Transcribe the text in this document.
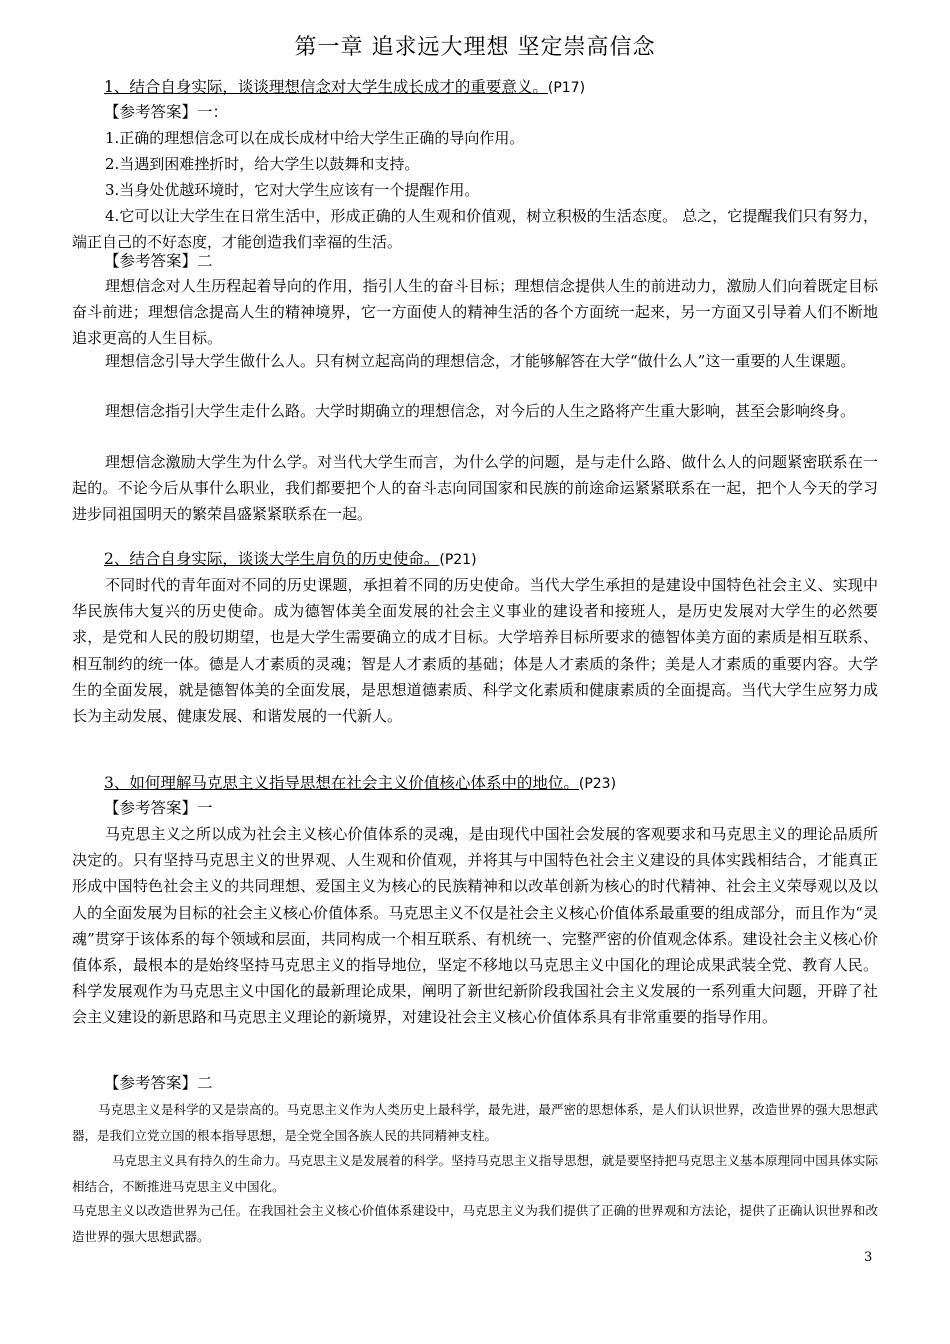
第一章 追求远大理想 坚定崇高信念
1、结合自身实际，谈谈理想信念对大学生成长成才的重要意义。(P17)
【参考答案】一：

1.正确的理想信念可以在成长成材中给大学生正确的导向作用。

2.当遇到困难挫折时，给大学生以鼓舞和支持。

3.当身处优越环境时，它对大学生应该有一个提醒作用。

4.它可以让大学生在日常生活中，形成正确的人生观和价值观，树立积极的生活态度。 总之，它提醒我们只有努力，端正自己的不好态度，才能创造我们幸福的生活。

【参考答案】二

理想信念对人生历程起着导向的作用，指引人生的奋斗目标；理想信念提供人生的前进动力，激励人们向着既定目标奋斗前进；理想信念提高人生的精神境界，它一方面使人的精神生活的各个方面统一起来，另一方面又引导着人们不断地追求更高的人生目标。

理想信念引导大学生做什么人。只有树立起高尚的理想信念，才能够解答在大学“做什么人”这一重要的人生课题。

理想信念指引大学生走什么路。大学时期确立的理想信念，对今后的人生之路将产生重大影响，甚至会影响终身。

理想信念激励大学生为什么学。对当代大学生而言，为什么学的问题，是与走什么路、做什么人的问题紧密联系在一起的。不论今后从事什么职业，我们都要把个人的奋斗志向同国家和民族的前途命运紧紧联系在一起，把个人今天的学习进步同祖国明天的繁荣昌盛紧紧联系在一起。

2、结合自身实际，谈谈大学生肩负的历史使命。(P21)

不同时代的青年面对不同的历史课题，承担着不同的历史使命。当代大学生承担的是建设中国特色社会主义、实现中华民族伟大复兴的历史使命。成为德智体美全面发展的社会主义事业的建设者和接班人，是历史发展对大学生的必然要求，是党和人民的殷切期望，也是大学生需要确立的成才目标。大学培养目标所要求的德智体美方面的素质是相互联系、相互制约的统一体。德是人才素质的灵魂；智是人才素质的基础；体是人才素质的条件；美是人才素质的重要内容。大学生的全面发展，就是德智体美的全面发展，是思想道德素质、科学文化素质和健康素质的全面提高。当代大学生应努力成长为主动发展、健康发展、和谐发展的一代新人。

3、如何理解马克思主义指导思想在社会主义价值核心体系中的地位。(P23)
【参考答案】一

马克思主义之所以成为社会主义核心价值体系的灵魂，是由现代中国社会发展的客观要求和马克思主义的理论品质所决定的。只有坚持马克思主义的世界观、人生观和价值观，并将其与中国特色社会主义建设的具体实践相结合，才能真正形成中国特色社会主义的共同理想、爱国主义为核心的民族精神和以改革创新为核心的时代精神、社会主义荣辱观以及以人的全面发展为目标的社会主义核心价值体系。马克思主义不仅是社会主义核心价值体系最重要的组成部分，而且作为“灵魂”贯穿于该体系的每个领域和层面，共同构成一个相互联系、有机统一、完整严密的价值观念体系。建设社会主义核心价值体系，最根本的是始终坚持马克思主义的指导地位，坚定不移地以马克思主义中国化的理论成果武装全党、教育人民。科学发展观作为马克思主义中国化的最新理论成果，阐明了新世纪新阶段我国社会主义发展的一系列重大问题，开辟了社会主义建设的新思路和马克思主义理论的新境界，对建设社会主义核心价值体系具有非常重要的指导作用。

【参考答案】二

马克思主义是科学的又是崇高的。马克思主义作为人类历史上最科学，最先进，最严密的思想体系，是人们认识世界，改造世界的强大思想武器，是我们立党立国的根本指导思想，是全党全国各族人民的共同精神支柱。

马克思主义具有持久的生命力。马克思主义是发展着的科学。坚持马克思主义指导思想，就是要坚持把马克思主义基本原理同中国具体实际相结合，不断推进马克思主义中国化。

马克思主义以改造世界为己任。在我国社会主义核心价值体系建设中，马克思主义为我们提供了正确的世界观和方法论，提供了正确认识世界和改造世界的强大思想武器。

3
